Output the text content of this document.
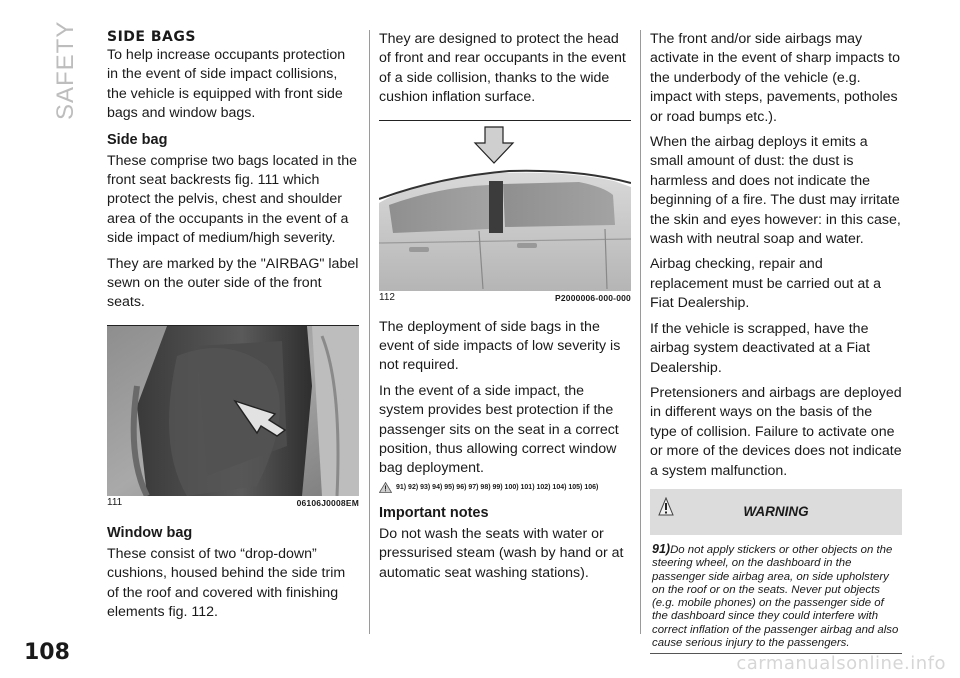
SAFETY
108	carmanualsonline.info
SIDE BAGS

To help increase occupants protection in the event of side impact collisions, the vehicle is equipped with front side bags and window bags.

Side bag

These comprise two bags located in the front seat backrests fig. 111 which protect the pelvis, chest and shoulder area of the occupants in the event of a side impact of medium/high severity.

They are marked by the "AIRBAG" label sewn on the outer side of the front seats.

111	06106J0008EM
Window bag

These consist of two “drop-down” cushions, housed behind the side trim of the roof and covered with finishing elements fig. 112.

They are designed to protect the head of front and rear occupants in the event of a side collision, thanks to the wide cushion inflation surface.

112	P2000006-000-000

The deployment of side bags in the event of side impacts of low severity is not required.

In the event of a side impact, the system provides best protection if the passenger sits on the seat in a correct position, thus allowing correct window bag deployment.

91) 92) 93) 94) 95) 96) 97) 98) 99) 100) 101) 102) 104) 105) 106)
Important notes

Do not wash the seats with water or pressurised steam (wash by hand or at automatic seat washing stations).

The front and/or side airbags may activate in the event of sharp impacts to the underbody of the vehicle (e.g. impact with steps, pavements, potholes or road bumps etc.).

When the airbag deploys it emits a small amount of dust: the dust is harmless and does not indicate the beginning of a fire. The dust may irritate the skin and eyes however: in this case, wash with neutral soap and water.

Airbag checking, repair and replacement must be carried out at a Fiat Dealership.

If the vehicle is scrapped, have the airbag system deactivated at a Fiat Dealership.

Pretensioners and airbags are deployed in different ways on the basis of the type of collision. Failure to activate one or more of the devices does not indicate a system malfunction.

WARNING
91)Do not apply stickers or other objects on the steering wheel, on the dashboard in the passenger side airbag area, on side upholstery on the roof or on the seats. Never put objects (e.g. mobile phones) on the passenger side of the dashboard since they could interfere with correct inflation of the passenger airbag and also cause serious injury to the passengers.
